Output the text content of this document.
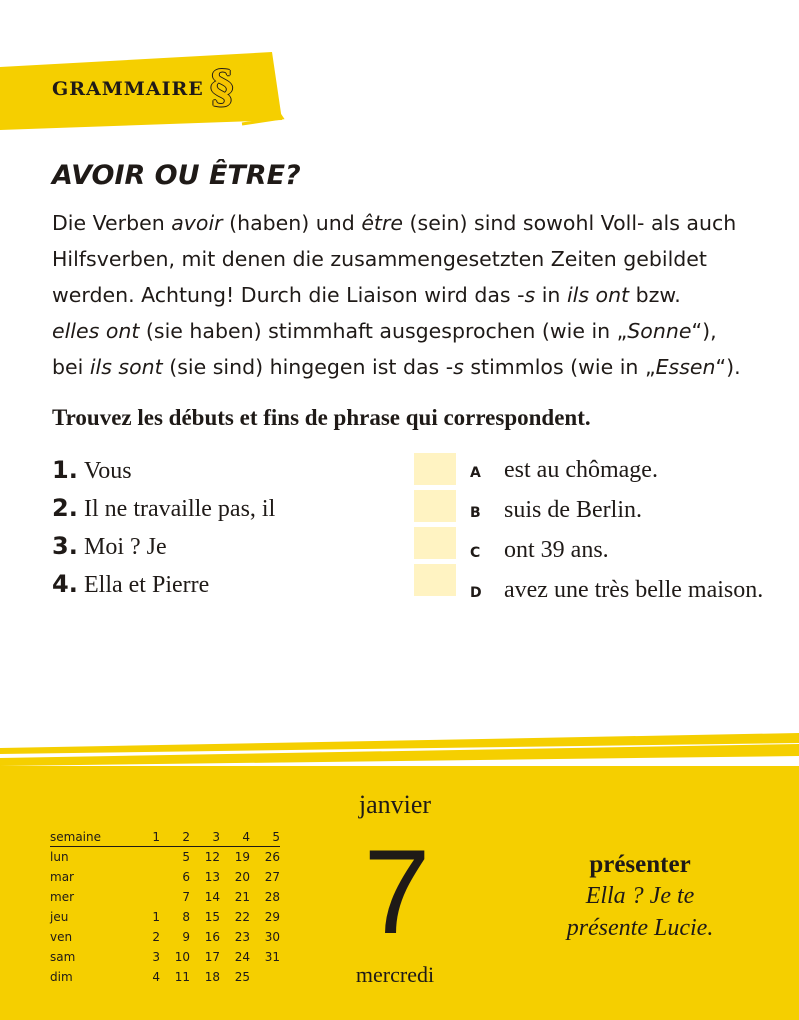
GRAMMAIRE §
AVOIR OU ÊTRE?

Die Verben avoir (haben) und être (sein) sind sowohl Voll- als auch
Hilfsverben, mit denen die zusammengesetzten Zeiten gebildet
werden. Achtung! Durch die Liaison wird das -s in ils ont bzw.
elles ont (sie haben) stimmhaft ausgesprochen (wie in „Sonne“),
bei ils sont (sie sind) hingegen ist das -s stimmlos (wie in „Essen“).

Trouvez les débuts et fins de phrase qui correspondent.

1. Vous
2. Il ne travaille pas, il
3. Moi ? Je
4. Ella et Pierre
A est au chômage.
B suis de Berlin.
C ont 39 ans.
D avez une très belle maison.
semaine	1	2	3	4	5
lun		5	12	19	26
mar		6	13	20	27
mer		7	14	21	28
jeu	1	8	15	22	29
ven	2	9	16	23	30
sam	3	10	17	24	31
dim	4	11	18	25	
janvier
7
mercredi
présenter
Ella ? Je te
présente Lucie.
